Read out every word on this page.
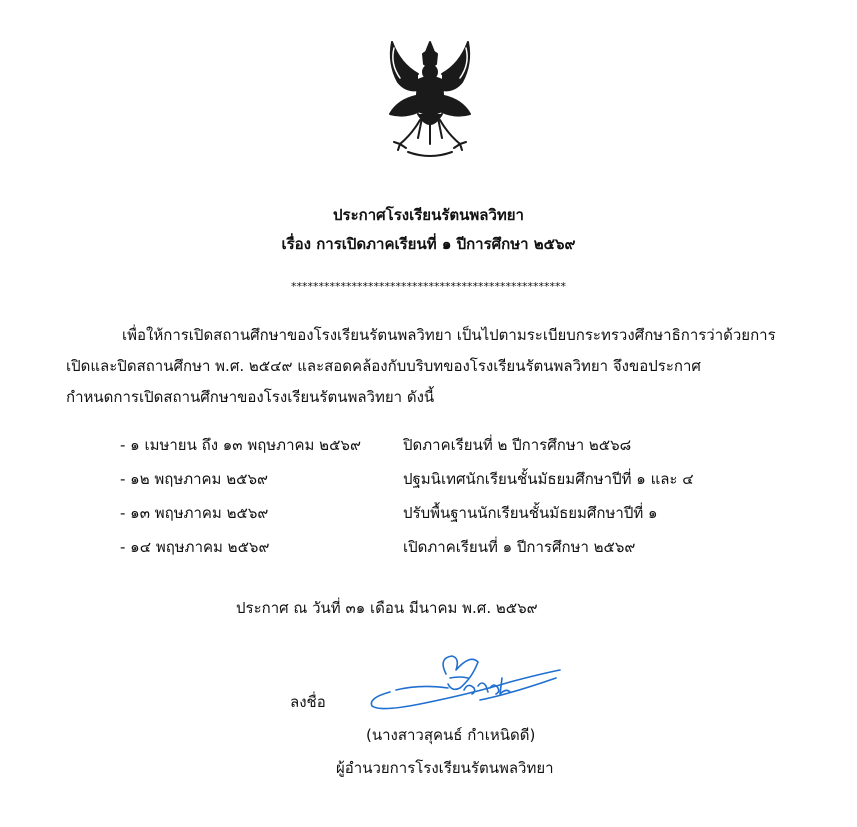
ประกาศโรงเรียนรัตนพลวิทยา
เรื่อง การเปิดภาคเรียนที่ ๑ ปีการศึกษา ๒๕๖๙
**************************************************
เพื่อให้การเปิดสถานศึกษาของโรงเรียนรัตนพลวิทยา เป็นไปตามระเบียบกระทรวงศึกษาธิการว่าด้วยการ
เปิดและปิดสถานศึกษา พ.ศ. ๒๕๔๙ และสอดคล้องกับบริบทของโรงเรียนรัตนพลวิทยา จึงขอประกาศ
กำหนดการเปิดสถานศึกษาของโรงเรียนรัตนพลวิทยา ดังนี้
- ๑ เมษายน ถึง ๑๓ พฤษภาคม ๒๕๖๙	ปิดภาคเรียนที่ ๒ ปีการศึกษา ๒๕๖๘
- ๑๒ พฤษภาคม ๒๕๖๙	ปฐมนิเทศนักเรียนชั้นมัธยมศึกษาปีที่ ๑ และ ๔
- ๑๓ พฤษภาคม ๒๕๖๙	ปรับพื้นฐานนักเรียนชั้นมัธยมศึกษาปีที่ ๑
- ๑๔ พฤษภาคม ๒๕๖๙	เปิดภาคเรียนที่ ๑ ปีการศึกษา ๒๕๖๙
ประกาศ ณ วันที่ ๓๑ เดือน มีนาคม พ.ศ. ๒๕๖๙
ลงชื่อ
(นางสาวสุคนธ์ กำเหนิดดี)
ผู้อำนวยการโรงเรียนรัตนพลวิทยา
